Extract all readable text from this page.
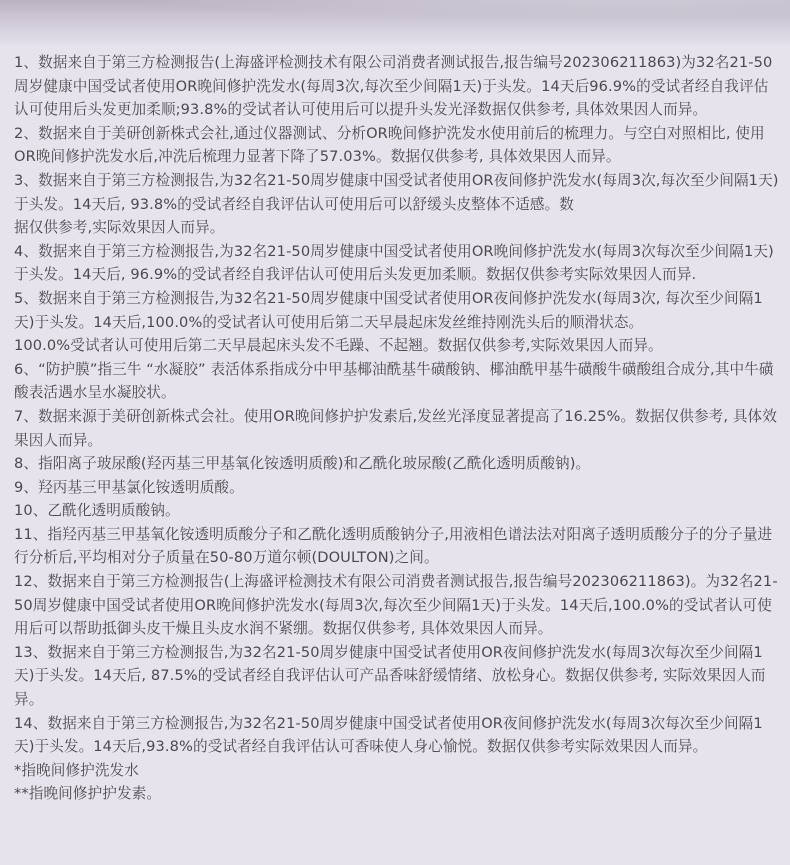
1、数据来自于第三方检测报告(上海盛评检测技术有限公司消费者测试报告,报告编号202306211863)为32名21-50周岁健康中国受试者使用OR晚间修护洗发水(每周3次,每次至少间隔1天)于头发。14天后96.9%的受试者经自我评估认可使用后头发更加柔顺;93.8%的受试者认可使用后可以提升头发光泽数据仅供参考, 具体效果因人而异。

2、数据来自于美研创新株式会社,通过仪器测试、分析OR晚间修护洗发水使用前后的梳理力。与空白对照相比, 使用OR晚间修护洗发水后,冲洗后梳理力显著下降了57.03%。数据仅供参考, 具体效果因人而异。

3、数据来自于第三方检测报告,为32名21-50周岁健康中国受试者使用OR夜间修护洗发水(每周3次,每次至少间隔1天)于头发。14天后, 93.8%的受试者经自我评估认可使用后可以舒缓头皮整体不适感。数
据仅供参考,实际效果因人而异。

4、数据来自于第三方检测报告,为32名21-50周岁健康中国受试者使用OR晚间修护洗发水(每周3次每次至少间隔1天)于头发。14天后, 96.9%的受试者经自我评估认可使用后头发更加柔顺。数据仅供参考实际效果因人而异.

5、数据来自于第三方检测报告,为32名21-50周岁健康中国受试者使用OR夜间修护洗发水(每周3次, 每次至少间隔1天)于头发。14天后,100.0%的受试者认可使用后第二天早晨起床发丝维持刚洗头后的顺滑状态。

100.0%受试者认可使用后第二天早晨起床头发不毛躁、不起翘。数据仅供参考,实际效果因人而异。

6、“防护膜”指三牛 “水凝胶” 表活体系指成分中甲基椰油酰基牛磺酸钠、椰油酰甲基牛磺酸牛磺酸组合成分,其中牛磺酸表活遇水呈水凝胶状。

7、数据来源于美研创新株式会社。使用OR晚间修护护发素后,发丝光泽度显著提高了16.25%。数据仅供参考, 具体效果因人而异。

8、指阳离子玻尿酸(羟丙基三甲基氧化铵透明质酸)和乙酰化玻尿酸(乙酰化透明质酸钠)。

9、羟丙基三甲基氯化铵透明质酸。

10、乙酰化透明质酸钠。

11、指羟丙基三甲基氧化铵透明质酸分子和乙酰化透明质酸钠分子,用液相色谱法法对阳离子透明质酸分子的分子量进行分析后,平均相对分子质量在50-80万道尔顿(DOULTON)之间。

12、数据来自于第三方检测报告(上海盛评检测技术有限公司消费者测试报告,报告编号202306211863)。为32名21-50周岁健康中国受试者使用OR晚间修护洗发水(每周3次,每次至少间隔1天)于头发。14天后,100.0%的受试者认可使用后可以帮助抵御头皮干燥且头皮水润不紧绷。数据仅供参考, 具体效果因人而异。

13、数据来自于第三方检测报告,为32名21-50周岁健康中国受试者使用OR夜间修护洗发水(每周3次每次至少间隔1天)于头发。14天后, 87.5%的受试者经自我评估认可产品香味舒缓情绪、放松身心。数据仅供参考, 实际效果因人而异。

14、数据来自于第三方检测报告,为32名21-50周岁健康中国受试者使用OR夜间修护洗发水(每周3次每次至少间隔1天)于头发。14天后,93.8%的受试者经自我评估认可香味使人身心愉悦。数据仅供参考实际效果因人而异。

*指晚间修护洗发水

**指晚间修护护发素。
